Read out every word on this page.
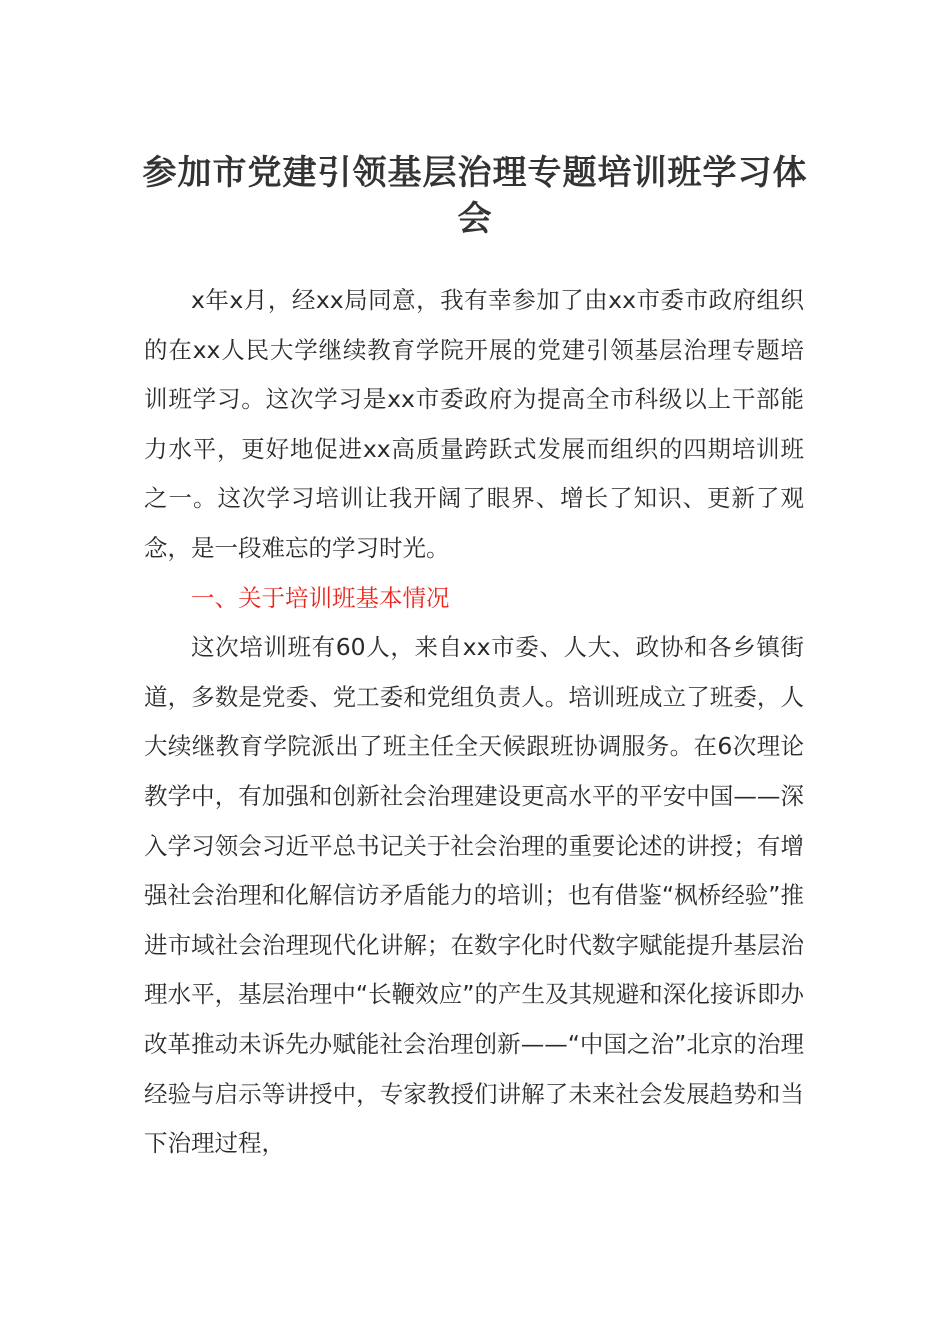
参加市党建引领基层治理专题培训班学习体会

x年x月，经xx局同意，我有幸参加了由xx市委市政府组织的在xx人民大学继续教育学院开展的党建引领基层治理专题培训班学习。这次学习是xx市委政府为提高全市科级以上干部能力水平，更好地促进xx高质量跨跃式发展而组织的四期培训班之一。这次学习培训让我开阔了眼界、增长了知识、更新了观念，是一段难忘的学习时光。

一、关于培训班基本情况

这次培训班有60人，来自xx市委、人大、政协和各乡镇街道，多数是党委、党工委和党组负责人。培训班成立了班委，人大续继教育学院派出了班主任全天候跟班协调服务。在6次理论教学中，有加强和创新社会治理建设更高水平的平安中国——深入学习领会习近平总书记关于社会治理的重要论述的讲授；有增强社会治理和化解信访矛盾能力的培训；也有借鉴“枫桥经验”推进市域社会治理现代化讲解；在数字化时代数字赋能提升基层治理水平，基层治理中“长鞭效应”的产生及其规避和深化接诉即办改革推动未诉先办赋能社会治理创新——“中国之治”北京的治理经验与启示等讲授中，专家教授们讲解了未来社会发展趋势和当下治理过程，
